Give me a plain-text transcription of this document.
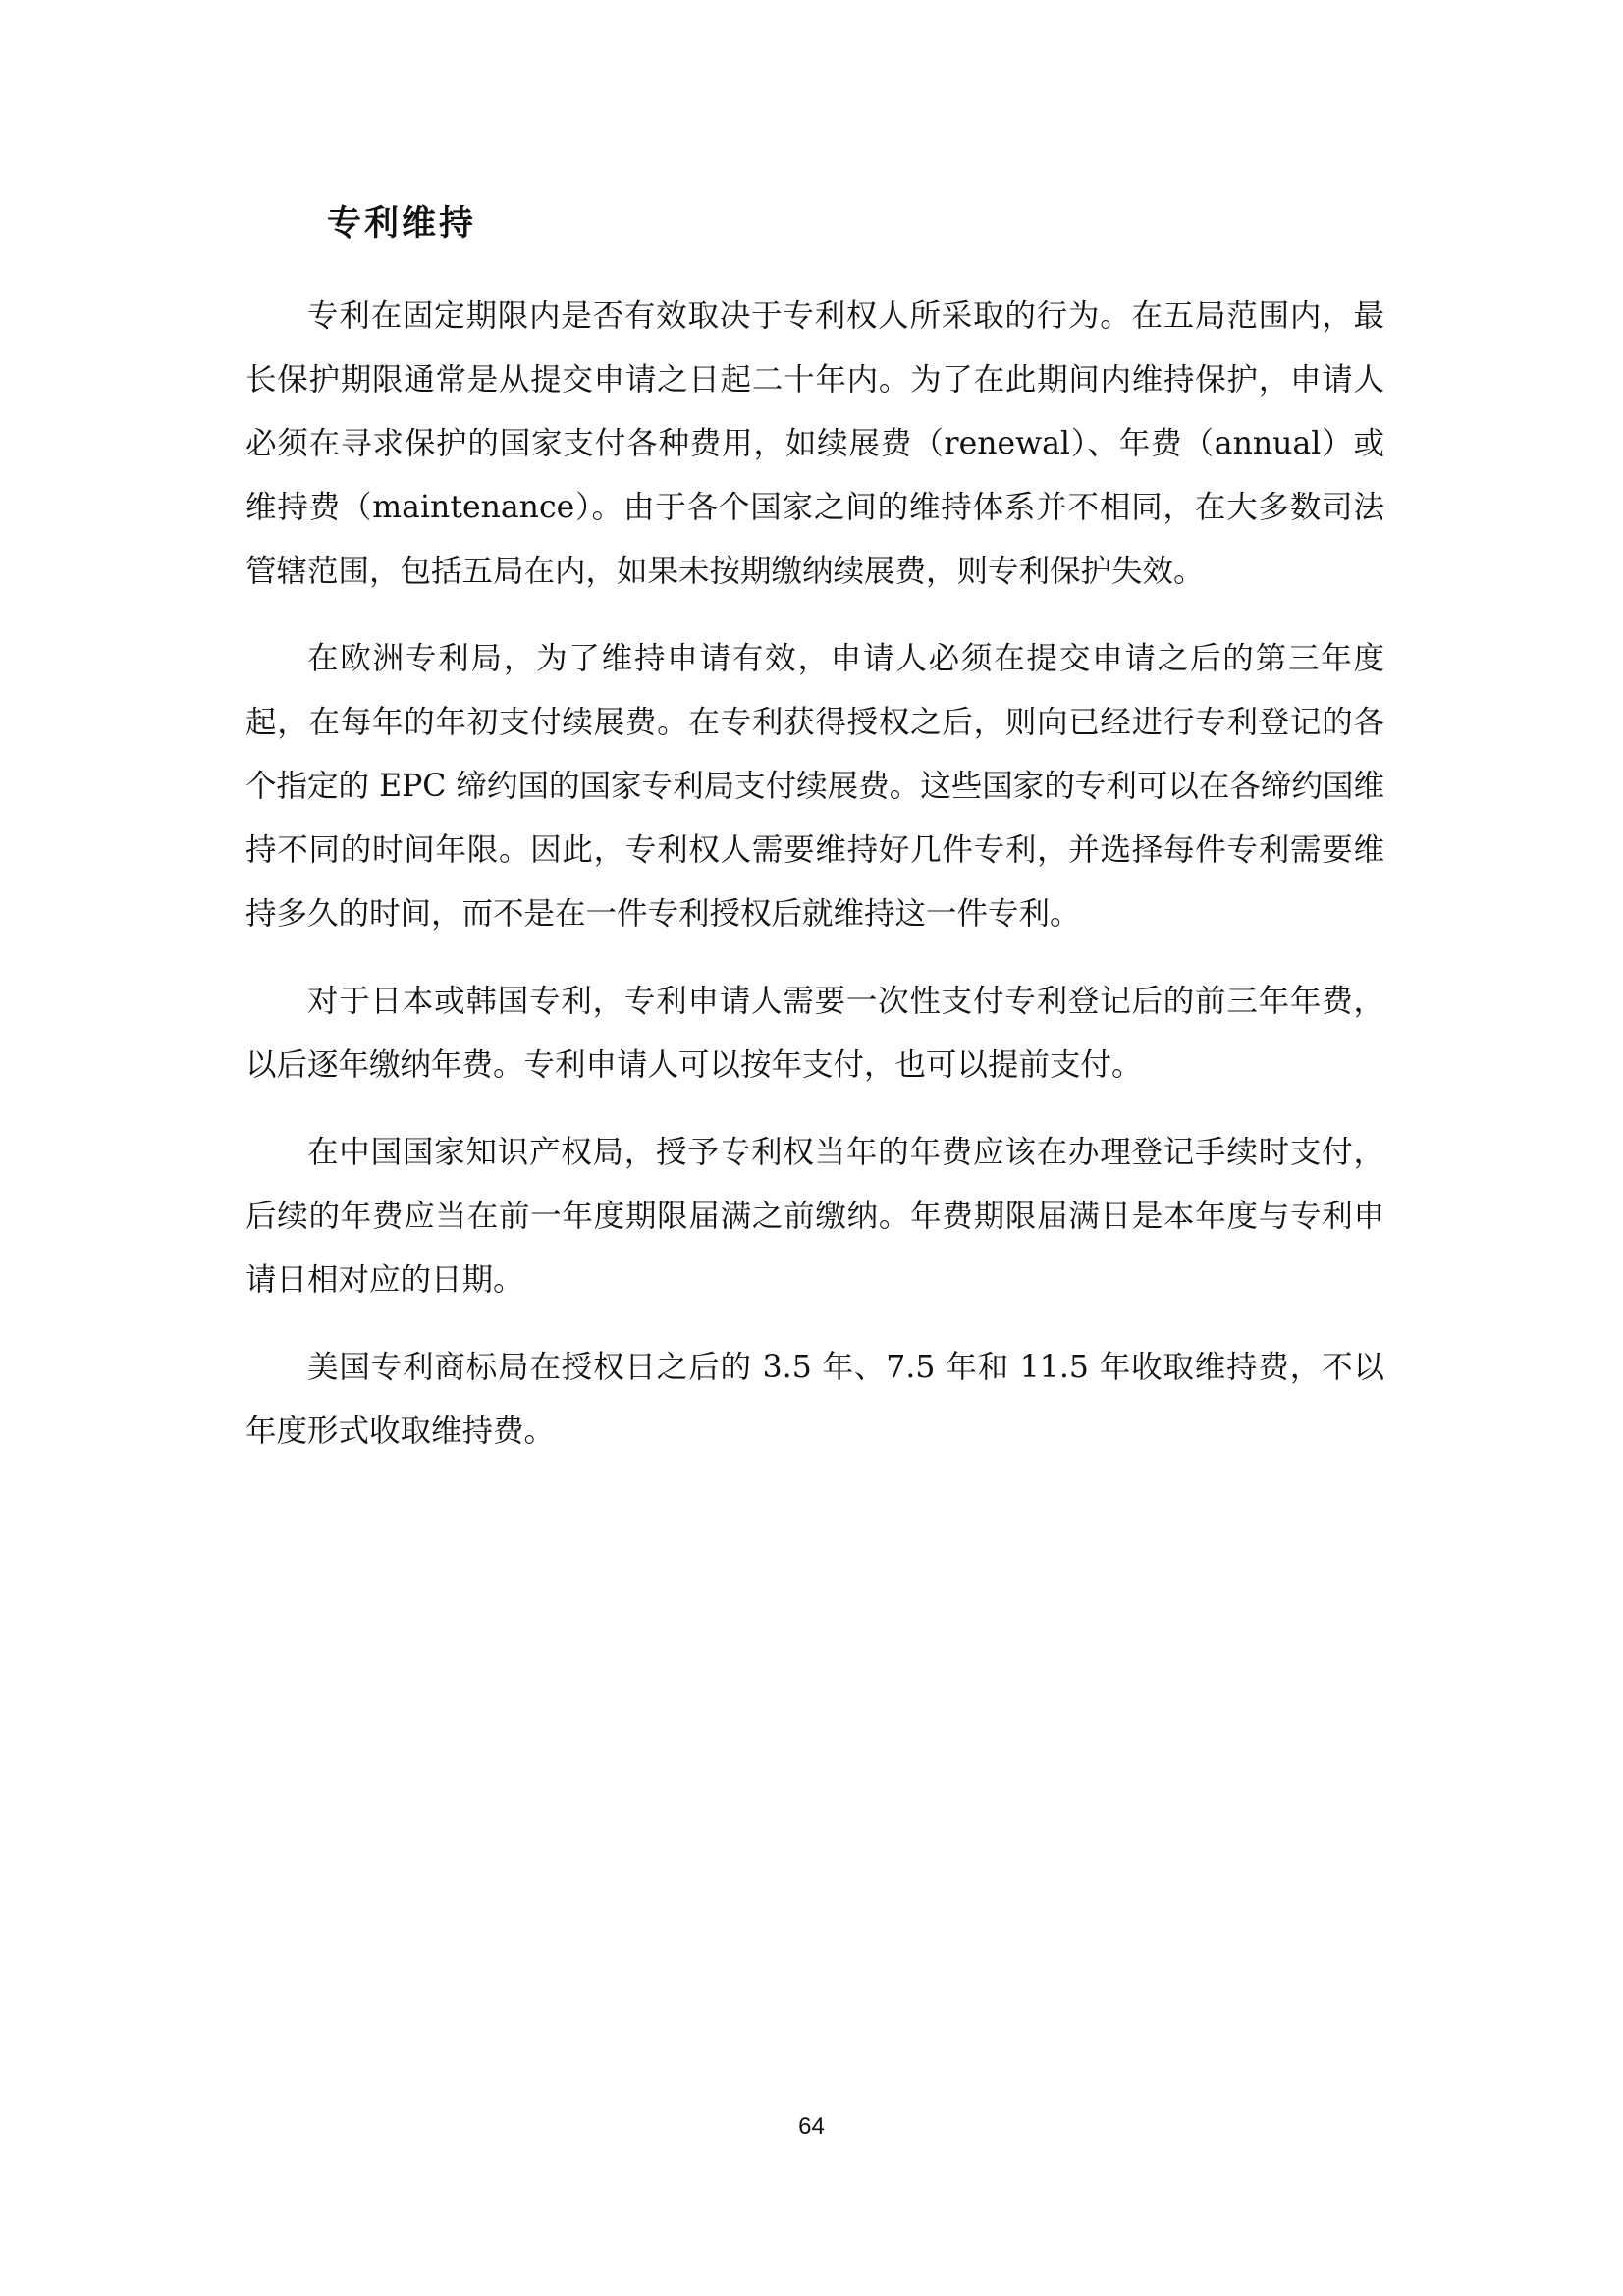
专利维持

专利在固定期限内是否有效取决于专利权人所采取的行为。在五局范围内，最长保护期限通常是从提交申请之日起二十年内。为了在此期间内维持保护，申请人必须在寻求保护的国家支付各种费用，如续展费（renewal）、年费（annual）或维持费（maintenance）。由于各个国家之间的维持体系并不相同，在大多数司法管辖范围，包括五局在内，如果未按期缴纳续展费，则专利保护失效。

在欧洲专利局，为了维持申请有效，申请人必须在提交申请之后的第三年度起，在每年的年初支付续展费。在专利获得授权之后，则向已经进行专利登记的各个指定的 EPC 缔约国的国家专利局支付续展费。这些国家的专利可以在各缔约国维持不同的时间年限。因此，专利权人需要维持好几件专利，并选择每件专利需要维持多久的时间，而不是在一件专利授权后就维持这一件专利。

对于日本或韩国专利，专利申请人需要一次性支付专利登记后的前三年年费，以后逐年缴纳年费。专利申请人可以按年支付，也可以提前支付。

在中国国家知识产权局，授予专利权当年的年费应该在办理登记手续时支付，后续的年费应当在前一年度期限届满之前缴纳。年费期限届满日是本年度与专利申请日相对应的日期。

美国专利商标局在授权日之后的 3.5 年、7.5 年和 11.5 年收取维持费，不以年度形式收取维持费。

64
